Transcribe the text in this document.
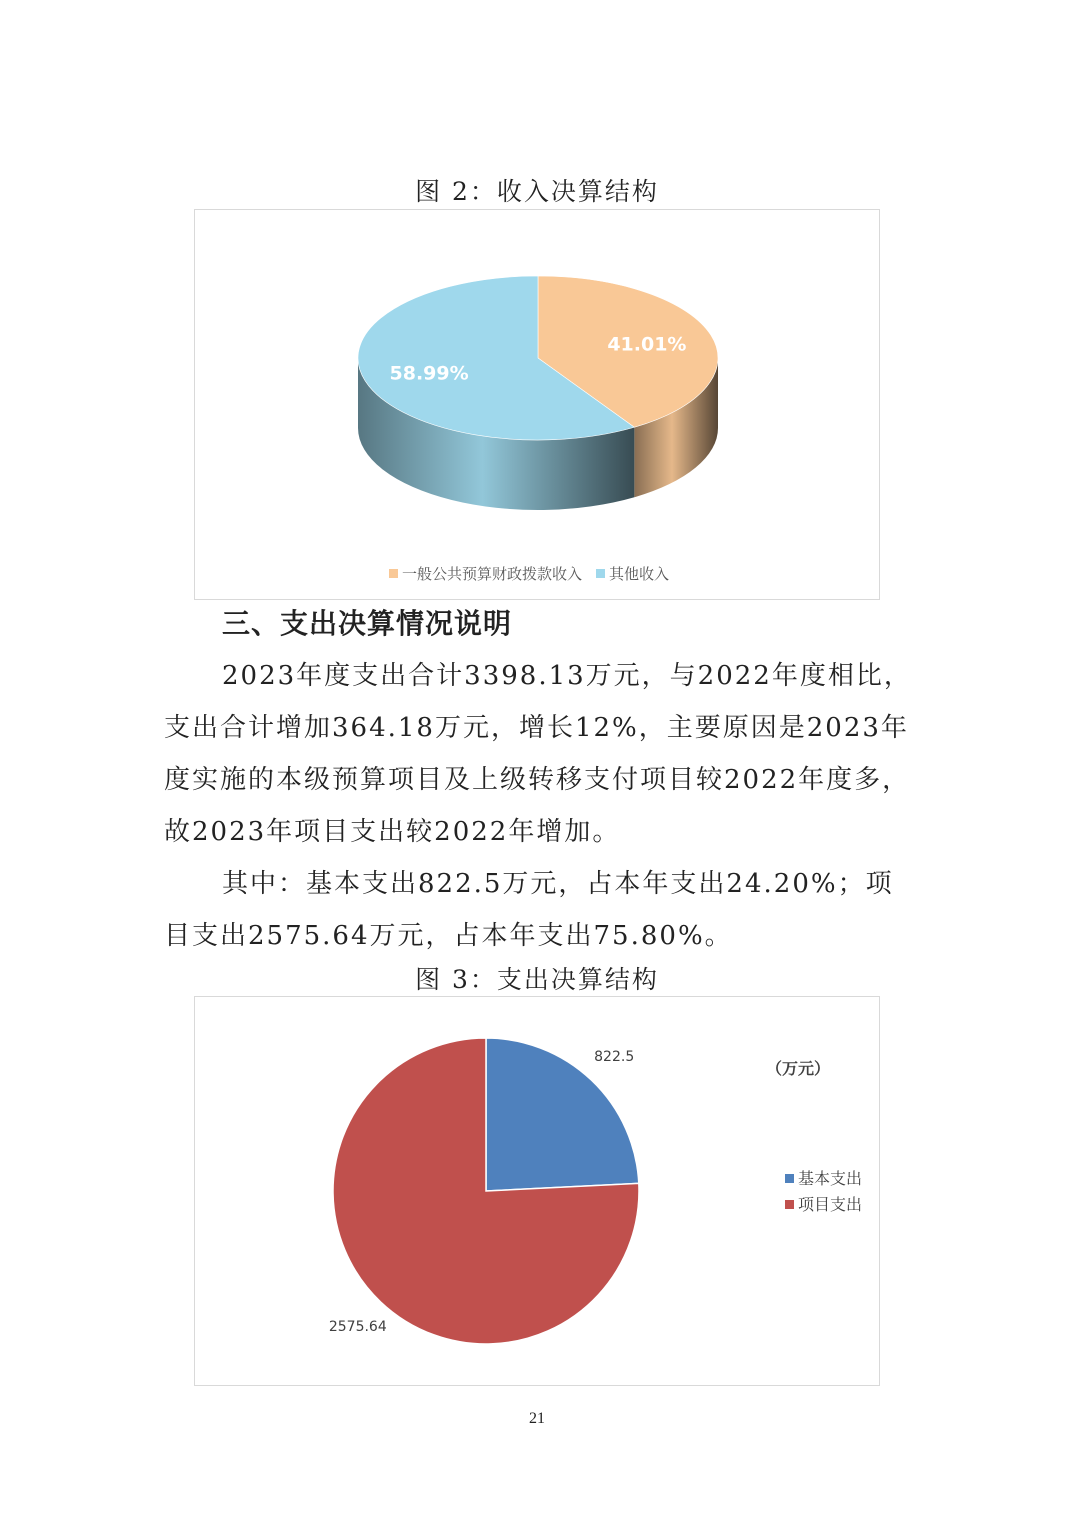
图 2：收入决算结构
41.01%
58.99%
一般公共预算财政拨款收入 其他收入
三、支出决算情况说明

2023年度支出合计3398.13万元，与2022年度相比，支出合计增加364.18万元，增长12%，主要原因是2023年度实施的本级预算项目及上级转移支付项目较2022年度多，故2023年项目支出较2022年增加。

其中：基本支出822.5万元，占本年支出24.20%；项目支出2575.64万元，占本年支出75.80%。

图 3：支出决算结构
822.5
2575.64
（万元）
基本支出
项目支出
21
